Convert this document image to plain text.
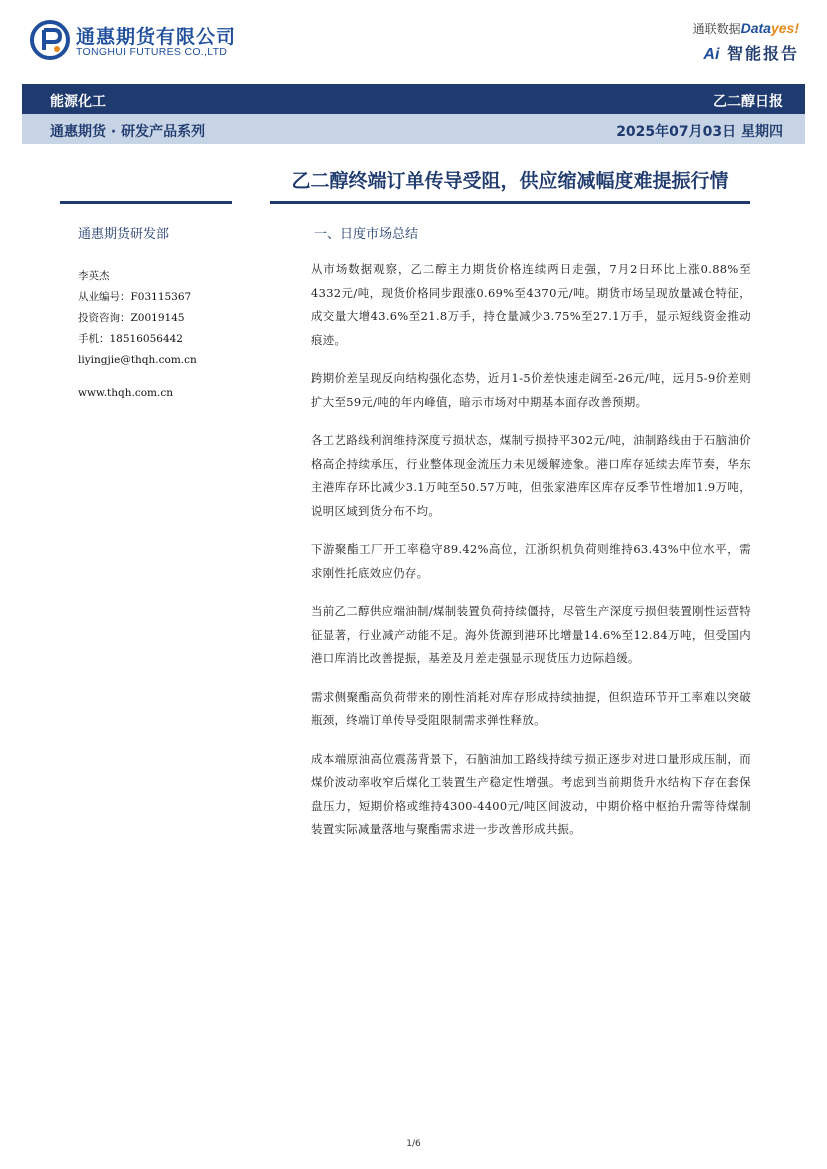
通惠期货有限公司
TONGHUI FUTURES CO.,LTD
通联数据Datayes!
Ai 智能报告
能源化工	乙二醇日报
通惠期货 · 研发产品系列	2025年07月03日 星期四
乙二醇终端订单传导受阻，供应缩减幅度难提振行情
通惠期货研发部
李英杰
从业编号：F03115367
投资咨询：Z0019145
手机：18516056442
liyingjie@thqh.com.cn
www.thqh.com.cn
一、日度市场总结

从市场数据观察，乙二醇主力期货价格连续两日走强，7月2日环比上涨0.88%至4332元/吨，现货价格同步跟涨0.69%至4370元/吨。期货市场呈现放量减仓特征，成交量大增43.6%至21.8万手，持仓量减少3.75%至27.1万手，显示短线资金推动痕迹。

跨期价差呈现反向结构强化态势，近月1-5价差快速走阔至-26元/吨，远月5-9价差则扩大至59元/吨的年内峰值，暗示市场对中期基本面存改善预期。

各工艺路线利润维持深度亏损状态，煤制亏损持平302元/吨，油制路线由于石脑油价格高企持续承压，行业整体现金流压力未见缓解迹象。港口库存延续去库节奏，华东主港库存环比减少3.1万吨至50.57万吨，但张家港库区库存反季节性增加1.9万吨，说明区域到货分布不均。

下游聚酯工厂开工率稳守89.42%高位，江浙织机负荷则维持63.43%中位水平，需求刚性托底效应仍存。

当前乙二醇供应端油制/煤制装置负荷持续僵持，尽管生产深度亏损但装置刚性运营特征显著，行业减产动能不足。海外货源到港环比增量14.6%至12.84万吨，但受国内港口库消比改善提振，基差及月差走强显示现货压力边际趋缓。

需求侧聚酯高负荷带来的刚性消耗对库存形成持续抽提，但织造环节开工率难以突破瓶颈，终端订单传导受阻限制需求弹性释放。

成本端原油高位震荡背景下，石脑油加工路线持续亏损正逐步对进口量形成压制，而煤价波动率收窄后煤化工装置生产稳定性增强。考虑到当前期货升水结构下存在套保盘压力，短期价格或维持4300-4400元/吨区间波动，中期价格中枢抬升需等待煤制装置实际减量落地与聚酯需求进一步改善形成共振。

1/6
